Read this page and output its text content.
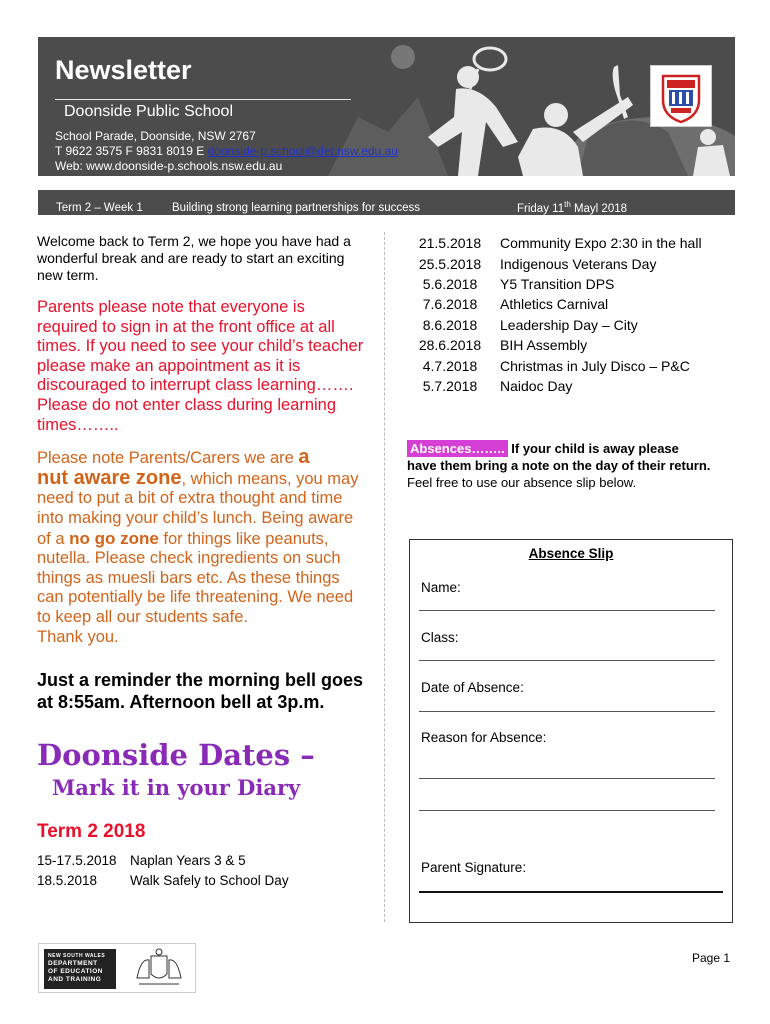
Newsletter
Doonside Public School
School Parade, Doonside, NSW 2767
T 9622 3575 F 9831 8019 E doonside-p.school@det.nsw.edu.au
Web: www.doonside-p.schools.nsw.edu.au
Term 2 – Week 1	Building strong learning partnerships for success	Friday 11th Mayl 2018

Welcome back to Term 2, we hope you have had a wonderful break and are ready to start an exciting new term.

Parents please note that everyone is required to sign in at the front office at all times. If you need to see your child’s teacher please make an appointment as it is discouraged to interrupt class learning……. Please do not enter class during learning times……..

Please note Parents/Carers we are a
nut aware zone, which means, you may need to put a bit of extra thought and time into making your child’s lunch. Being aware of a no go zone for things like peanuts, nutella. Please check ingredients on such things as muesli bars etc. As these things can potentially be life threatening. We need to keep all our students safe.
Thank you.

Just a reminder the morning bell goes at 8:55am. Afternoon bell at 3p.m.

Doonside Dates –
Mark it in your Diary
Term 2 2018
15-17.5.2018 Naplan Years 3 & 5
18.5.2018	Walk Safely to School Day
NEW SOUTH WALES
DEPARTMENT
OF EDUCATION
AND TRAINING
21.5.2018	Community Expo 2:30 in the hall
25.5.2018	Indigenous Veterans Day
5.6.2018	Y5 Transition DPS
7.6.2018	Athletics Carnival
8.6.2018	Leadership Day – City
28.6.2018	BIH Assembly
4.7.2018	Christmas in July Disco – P&C
5.7.2018	Naidoc Day
Absences…….. If your child is away please
have them bring a note on the day of their return.
Feel free to use our absence slip below.
Absence Slip
Name:
Class:
Date of Absence:
Reason for Absence:
Parent Signature:
Page 1
